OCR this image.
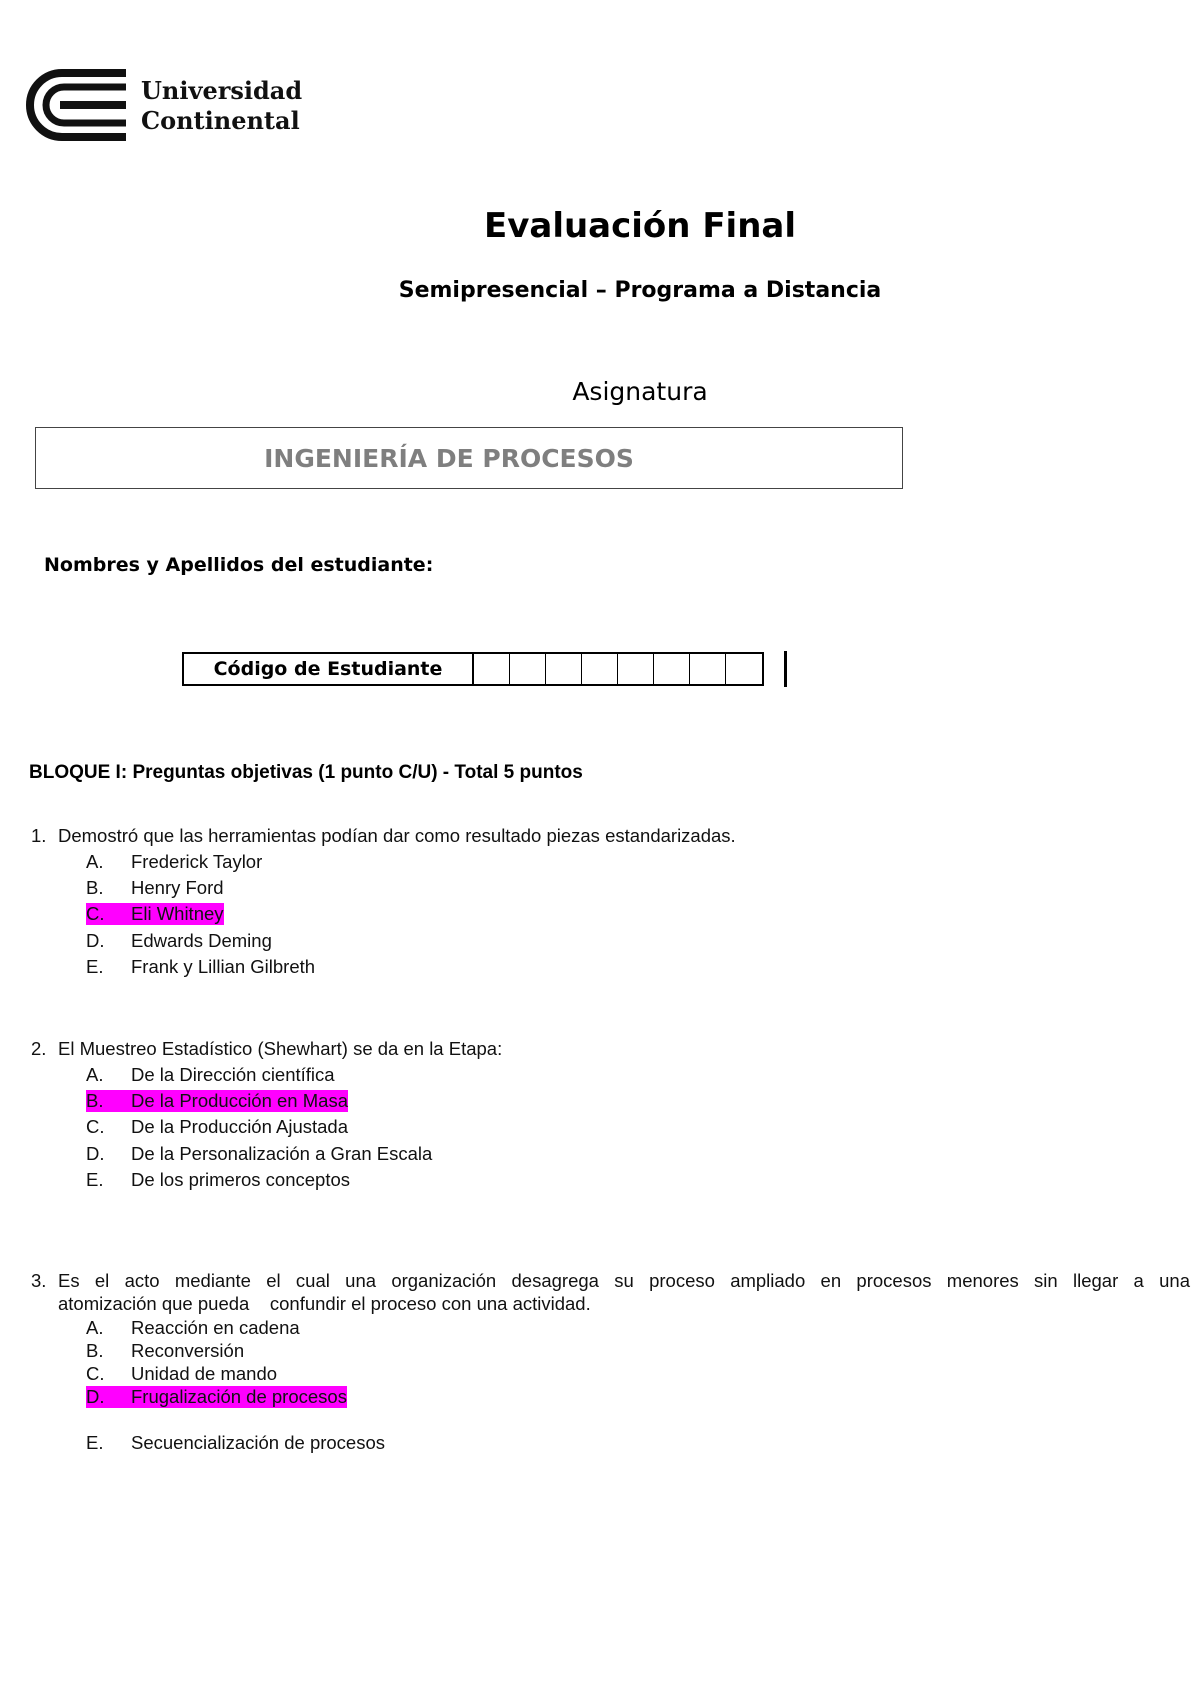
Universidad
Continental
Evaluación Final
Semipresencial – Programa a Distancia
Asignatura
INGENIERÍA DE PROCESOS
Nombres y Apellidos del estudiante:
Código de Estudiante
BLOQUE I: Preguntas objetivas (1 punto C/U) - Total 5 puntos
1. Demostró que las herramientas podían dar como resultado piezas estandarizadas.
A. Frederick Taylor
B. Henry Ford
C. Eli Whitney
D. Edwards Deming
E. Frank y Lillian Gilbreth
2. El Muestreo Estadístico (Shewhart) se da en la Etapa:
A. De la Dirección científica
B. De la Producción en Masa
C. De la Producción Ajustada
D. De la Personalización a Gran Escala
E. De los primeros conceptos
3. Es el acto mediante el cual una organización desagrega su proceso ampliado en procesos menores sin llegar a una
atomización que pueda    confundir el proceso con una actividad.
A. Reacción en cadena
B. Reconversión
C. Unidad de mando
D. Frugalización de procesos
E. Secuencialización de procesos
